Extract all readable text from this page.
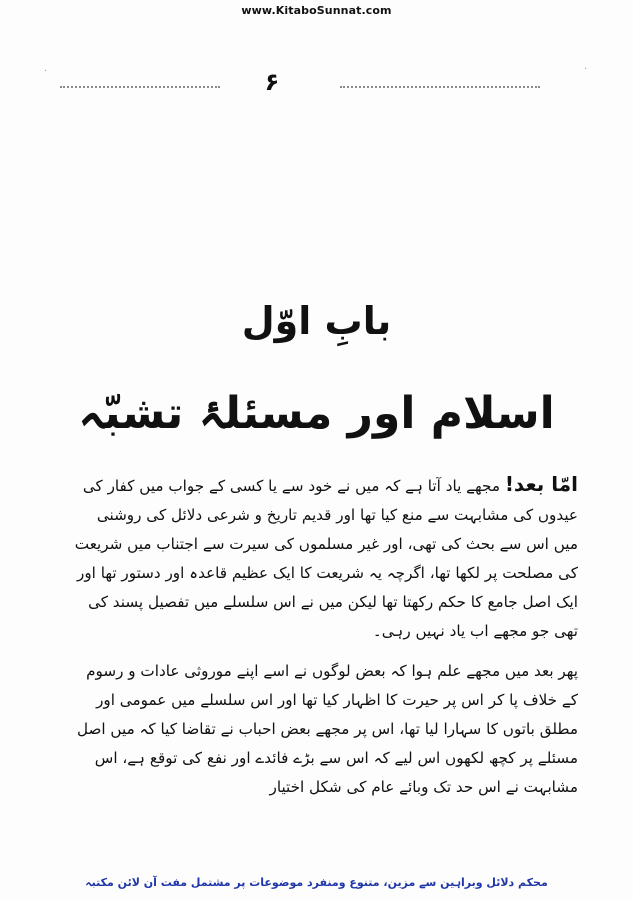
www.KitaboSunnat.com
·	·
۶
بابِ اوّل
اسلام اور مسئلۂ تشبّہ
امّا بعد! مجھے یاد آتا ہے کہ میں نے خود سے یا کسی کے جواب میں کفار کی عیدوں کی مشابہت سے منع کیا تھا اور قدیم تاریخ و شرعی دلائل کی روشنی میں اس سے بحث کی تھی، اور غیر مسلموں کی سیرت سے اجتناب میں شریعت کی مصلحت پر لکھا تھا، اگرچہ یہ شریعت کا ایک عظیم قاعدہ اور دستور تھا اور ایک اصل جامع کا حکم رکھتا تھا لیکن میں نے اس سلسلے میں تفصیل پسند کی تھی جو مجھے اب یاد نہیں رہی۔
پھر بعد میں مجھے علم ہوا کہ بعض لوگوں نے اسے اپنے موروثی عادات و رسوم کے خلاف پا کر اس پر حیرت کا اظہار کیا تھا اور اس سلسلے میں عمومی اور مطلق باتوں کا سہارا لیا تھا، اس پر مجھے بعض احباب نے تقاضا کیا کہ میں اصل مسئلے پر کچھ لکھوں اس لیے کہ اس سے بڑے فائدے اور نفع کی توقع ہے، اس مشابہت نے اس حد تک وبائے عام کی شکل اختیار
محکم دلائل وبراہین سے مزین، متنوع ومنفرد موضوعات پر مشتمل مفت آن لائن مکتبہ
